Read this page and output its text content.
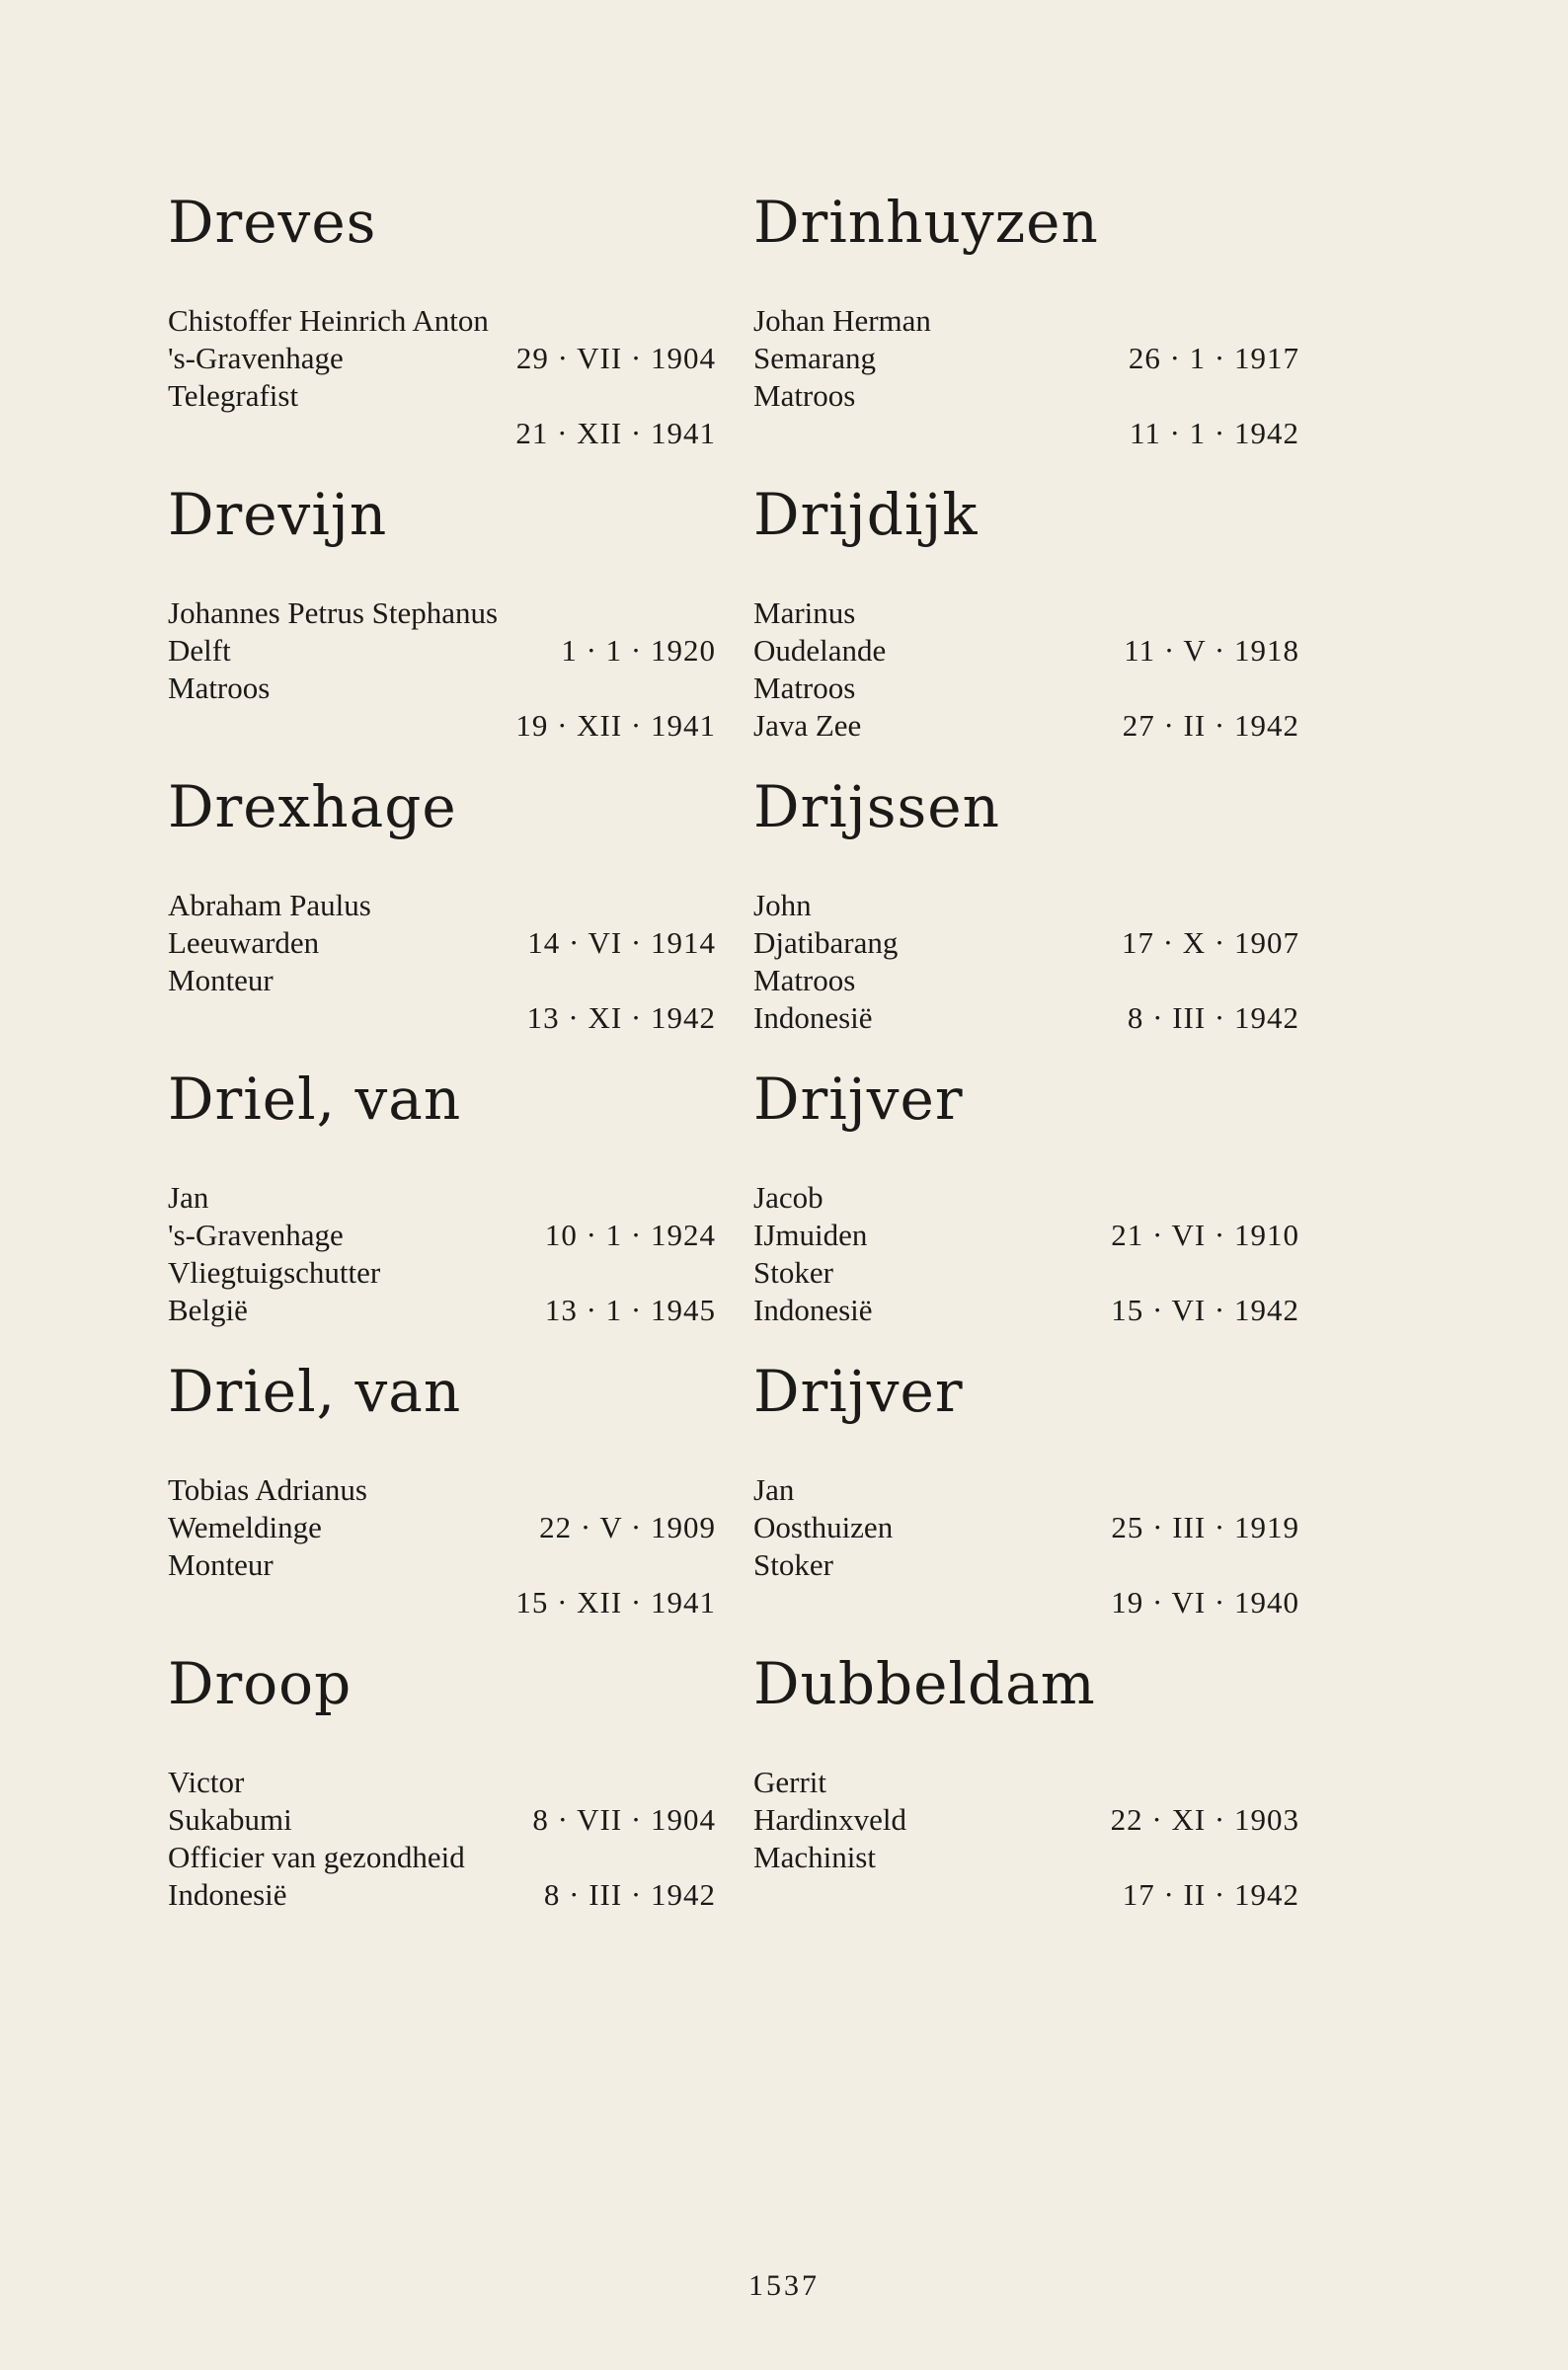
Dreves
Chistoffer Heinrich Anton
's-Gravenhage	29 · VII · 1904
Telegrafist
21 · XII · 1941
Drevijn
Johannes Petrus Stephanus
Delft	1 · 1 · 1920
Matroos
19 · XII · 1941
Drexhage
Abraham Paulus
Leeuwarden	14 · VI · 1914
Monteur
13 · XI · 1942
Driel, van
Jan
's-Gravenhage	10 · 1 · 1924
Vliegtuigschutter
België	13 · 1 · 1945
Driel, van
Tobias Adrianus
Wemeldinge	22 · V · 1909
Monteur
15 · XII · 1941
Droop
Victor
Sukabumi	8 · VII · 1904
Officier van gezondheid
Indonesië	8 · III · 1942
Drinhuyzen
Johan Herman
Semarang	26 · 1 · 1917
Matroos
11 · 1 · 1942
Drijdijk
Marinus
Oudelande	11 · V · 1918
Matroos
Java Zee	27 · II · 1942
Drijssen
John
Djatibarang	17 · X · 1907
Matroos
Indonesië	8 · III · 1942
Drijver
Jacob
IJmuiden	21 · VI · 1910
Stoker
Indonesië	15 · VI · 1942
Drijver
Jan
Oosthuizen	25 · III · 1919
Stoker
19 · VI · 1940
Dubbeldam
Gerrit
Hardinxveld	22 · XI · 1903
Machinist
17 · II · 1942
1537
